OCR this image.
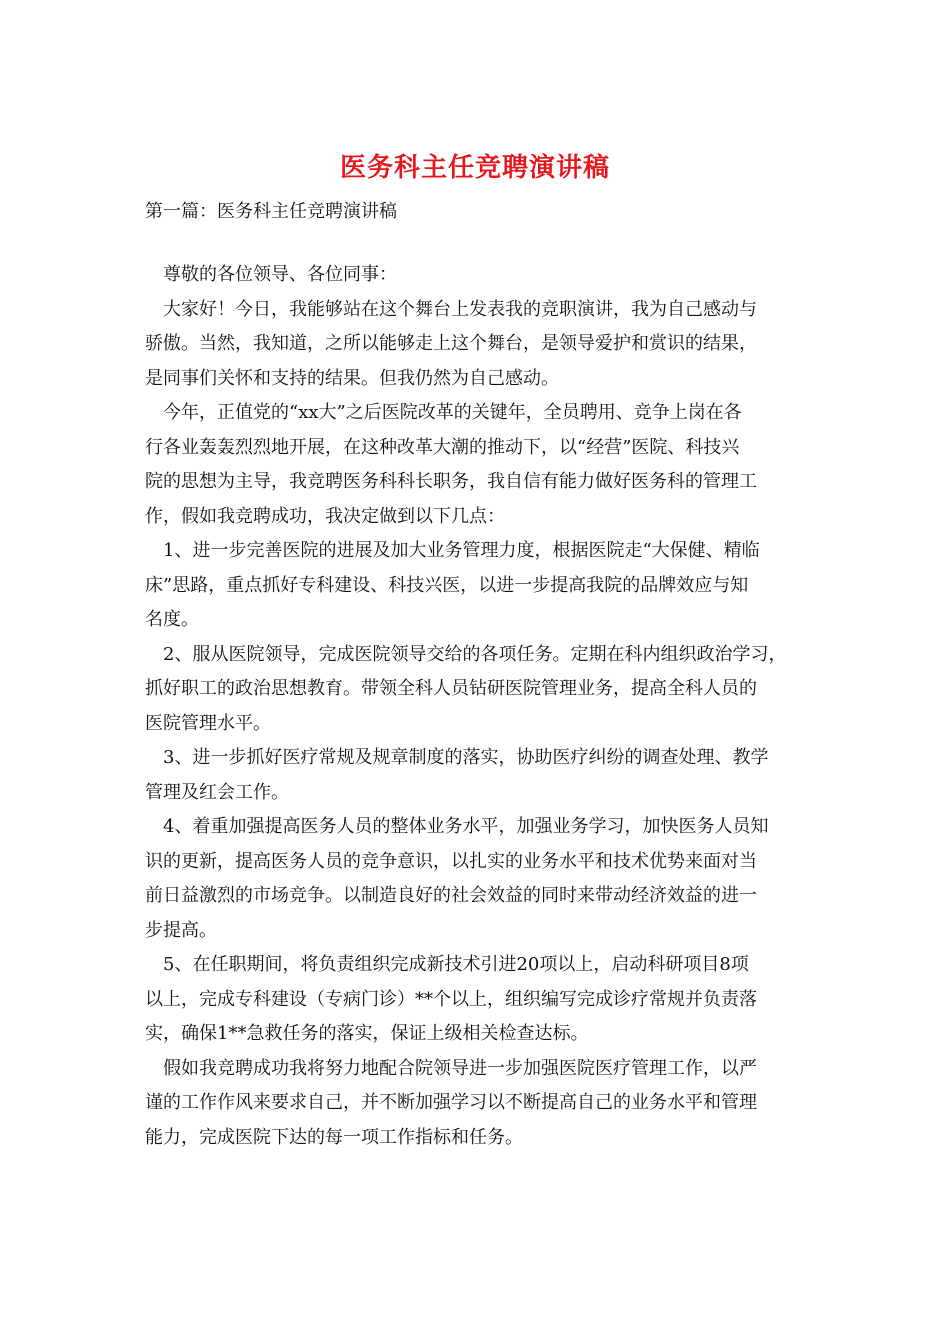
医务科主任竞聘演讲稿
第一篇：医务科主任竞聘演讲稿

尊敬的各位领导、各位同事：

大家好！今日，我能够站在这个舞台上发表我的竞职演讲，我为自己感动与
骄傲。当然，我知道，之所以能够走上这个舞台，是领导爱护和赏识的结果，
是同事们关怀和支持的结果。但我仍然为自己感动。

今年，正值党的“xx大”之后医院改革的关键年，全员聘用、竞争上岗在各
行各业轰轰烈烈地开展，在这种改革大潮的推动下，以“经营”医院、科技兴
院的思想为主导，我竞聘医务科科长职务，我自信有能力做好医务科的管理工
作，假如我竞聘成功，我决定做到以下几点：

1、进一步完善医院的进展及加大业务管理力度，根据医院走“大保健、精临
床”思路，重点抓好专科建设、科技兴医，以进一步提高我院的品牌效应与知
名度。

2、服从医院领导，完成医院领导交给的各项任务。定期在科内组织政治学习，
抓好职工的政治思想教育。带领全科人员钻研医院管理业务，提高全科人员的
医院管理水平。

3、进一步抓好医疗常规及规章制度的落实，协助医疗纠纷的调查处理、教学
管理及红会工作。

4、着重加强提高医务人员的整体业务水平，加强业务学习，加快医务人员知
识的更新，提高医务人员的竞争意识，以扎实的业务水平和技术优势来面对当
前日益激烈的市场竞争。以制造良好的社会效益的同时来带动经济效益的进一
步提高。

5、在任职期间，将负责组织完成新技术引进20项以上，启动科研项目8项
以上，完成专科建设（专病门诊）**个以上，组织编写完成诊疗常规并负责落
实，确保1**急救任务的落实，保证上级相关检查达标。

假如我竞聘成功我将努力地配合院领导进一步加强医院医疗管理工作，以严
谨的工作作风来要求自己，并不断加强学习以不断提高自己的业务水平和管理
能力，完成医院下达的每一项工作指标和任务。
